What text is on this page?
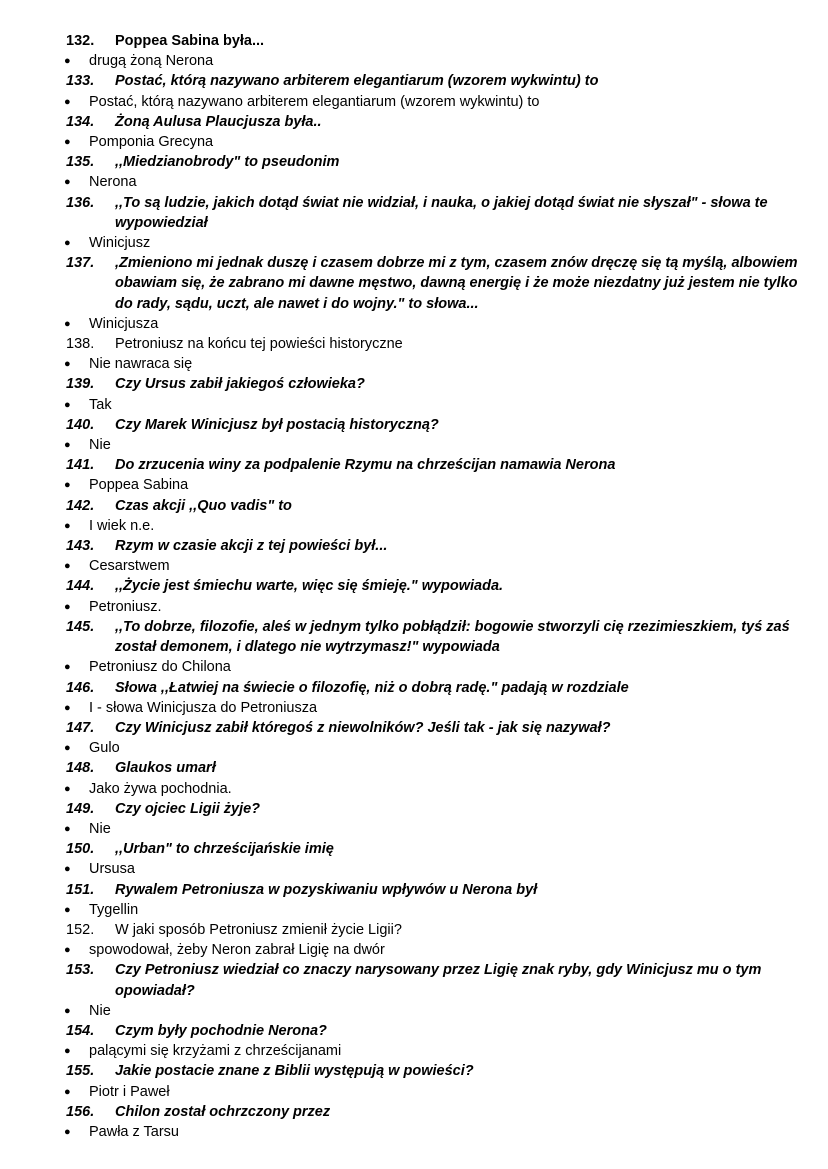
132. Poppea Sabina była...
● drugą żoną Nerona
133. Postać, którą nazywano arbiterem elegantiarum (wzorem wykwintu) to
● Postać, którą nazywano arbiterem elegantiarum (wzorem wykwintu) to
134. Żoną Aulusa Plaucjusza była..
● Pomponia Grecyna
135. ,,Miedzianobrody" to pseudonim
● Nerona
136. ,,To są ludzie, jakich dotąd świat nie widział, i nauka, o jakiej dotąd świat nie słyszał" - słowa te wypowiedział
● Winicjusz
137. ,Zmieniono mi jednak duszę i czasem dobrze mi z tym, czasem znów dręczę się tą myślą, albowiem obawiam się, że zabrano mi dawne męstwo, dawną energię i że może niezdatny już jestem nie tylko do rady, sądu, uczt, ale nawet i do wojny." to słowa...
● Winicjusza
138. Petroniusz na końcu tej powieści historyczne
● Nie nawraca się
139. Czy Ursus zabił jakiegoś człowieka?
● Tak
140. Czy Marek Winicjusz był postacią historyczną?
● Nie
141. Do zrzucenia winy za podpalenie Rzymu na chrześcijan namawia Nerona
● Poppea Sabina
142. Czas akcji ,,Quo vadis" to
● I wiek n.e.
143. Rzym w czasie akcji z tej powieści był...
● Cesarstwem
144. ,,Życie jest śmiechu warte, więc się śmieję." wypowiada.
● Petroniusz.
145. ,,To dobrze, filozofie, aleś w jednym tylko pobłądził: bogowie stworzyli cię rzezimieszkiem, tyś zaś został demonem, i dlatego nie wytrzymasz!" wypowiada
● Petroniusz do Chilona
146. Słowa ,,Łatwiej na świecie o filozofię, niż o dobrą radę." padają w rozdziale
● I - słowa Winicjusza do Petroniusza
147. Czy Winicjusz zabił któregoś z niewolników? Jeśli tak - jak się nazywał?
● Gulo
148. Glaukos umarł
● Jako żywa pochodnia.
149. Czy ojciec Ligii żyje?
● Nie
150. ,,Urban" to chrześcijańskie imię
● Ursusa
151. Rywalem Petroniusza w pozyskiwaniu wpływów u Nerona był
● Tygellin
152. W jaki sposób Petroniusz zmienił życie Ligii?
● spowodował, żeby Neron zabrał Ligię na dwór
153. Czy Petroniusz wiedział co znaczy narysowany przez Ligię znak ryby, gdy Winicjusz mu o tym opowiadał?
● Nie
154. Czym były pochodnie Nerona?
● palącymi się krzyżami z chrześcijanami
155. Jakie postacie znane z Biblii występują w powieści?
● Piotr i Paweł
156. Chilon został ochrzczony przez
● Pawła z Tarsu
